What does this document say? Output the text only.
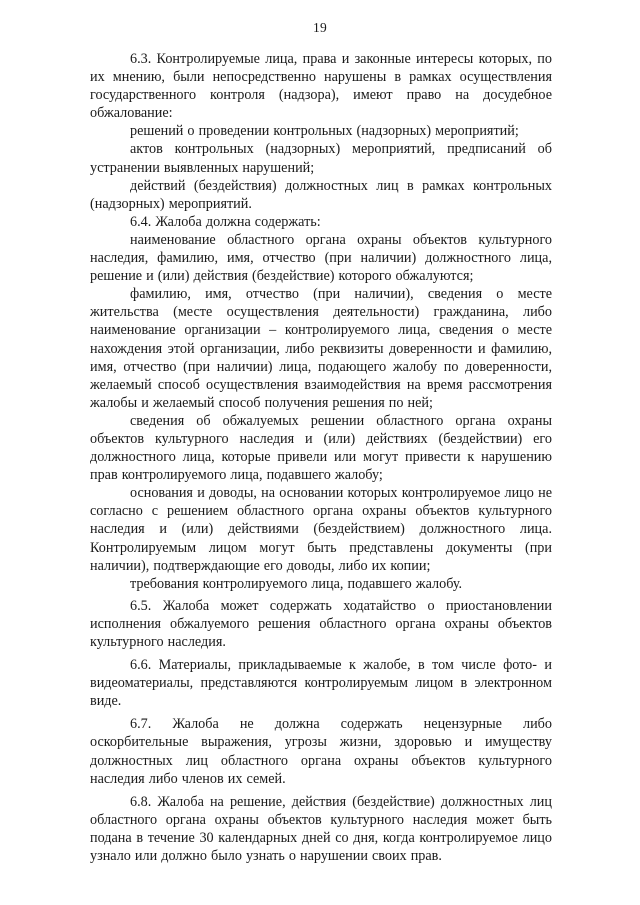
19

6.3. Контролируемые лица, права и законные интересы которых, по их мнению, были непосредственно нарушены в рамках осуществления государственного контроля (надзора), имеют право на досудебное обжалование:

решений о проведении контрольных (надзорных) мероприятий;

актов контрольных (надзорных) мероприятий, предписаний об устранении выявленных нарушений;

действий (бездействия) должностных лиц в рамках контрольных (надзорных) мероприятий.

6.4. Жалоба должна содержать:

наименование областного органа охраны объектов культурного наследия, фамилию, имя, отчество (при наличии) должностного лица, решение и (или) действия (бездействие) которого обжалуются;

фамилию, имя, отчество (при наличии), сведения о месте жительства (месте осуществления деятельности) гражданина, либо наименование организации – контролируемого лица, сведения о месте нахождения этой организации, либо реквизиты доверенности и фамилию, имя, отчество (при наличии) лица, подающего жалобу по доверенности, желаемый способ осуществления взаимодействия на время рассмотрения жалобы и желаемый способ получения решения по ней;

сведения об обжалуемых решении областного органа охраны объектов культурного наследия и (или) действиях (бездействии) его должностного лица, которые привели или могут привести к нарушению прав контролируемого лица, подавшего жалобу;

основания и доводы, на основании которых контролируемое лицо не согласно с решением областного органа охраны объектов культурного наследия и (или) действиями (бездействием) должностного лица. Контролируемым лицом могут быть представлены документы (при наличии), подтверждающие его доводы, либо их копии;

требования контролируемого лица, подавшего жалобу.

6.5. Жалоба может содержать ходатайство о приостановлении исполнения обжалуемого решения областного органа охраны объектов культурного наследия.

6.6. Материалы, прикладываемые к жалобе, в том числе фото- и видеоматериалы, представляются контролируемым лицом в электронном виде.

6.7. Жалоба не должна содержать нецензурные либо оскорбительные выражения, угрозы жизни, здоровью и имуществу должностных лиц областного органа охраны объектов культурного наследия либо членов их семей.

6.8. Жалоба на решение, действия (бездействие) должностных лиц областного органа охраны объектов культурного наследия может быть подана в течение 30 календарных дней со дня, когда контролируемое лицо узнало или должно было узнать о нарушении своих прав.
